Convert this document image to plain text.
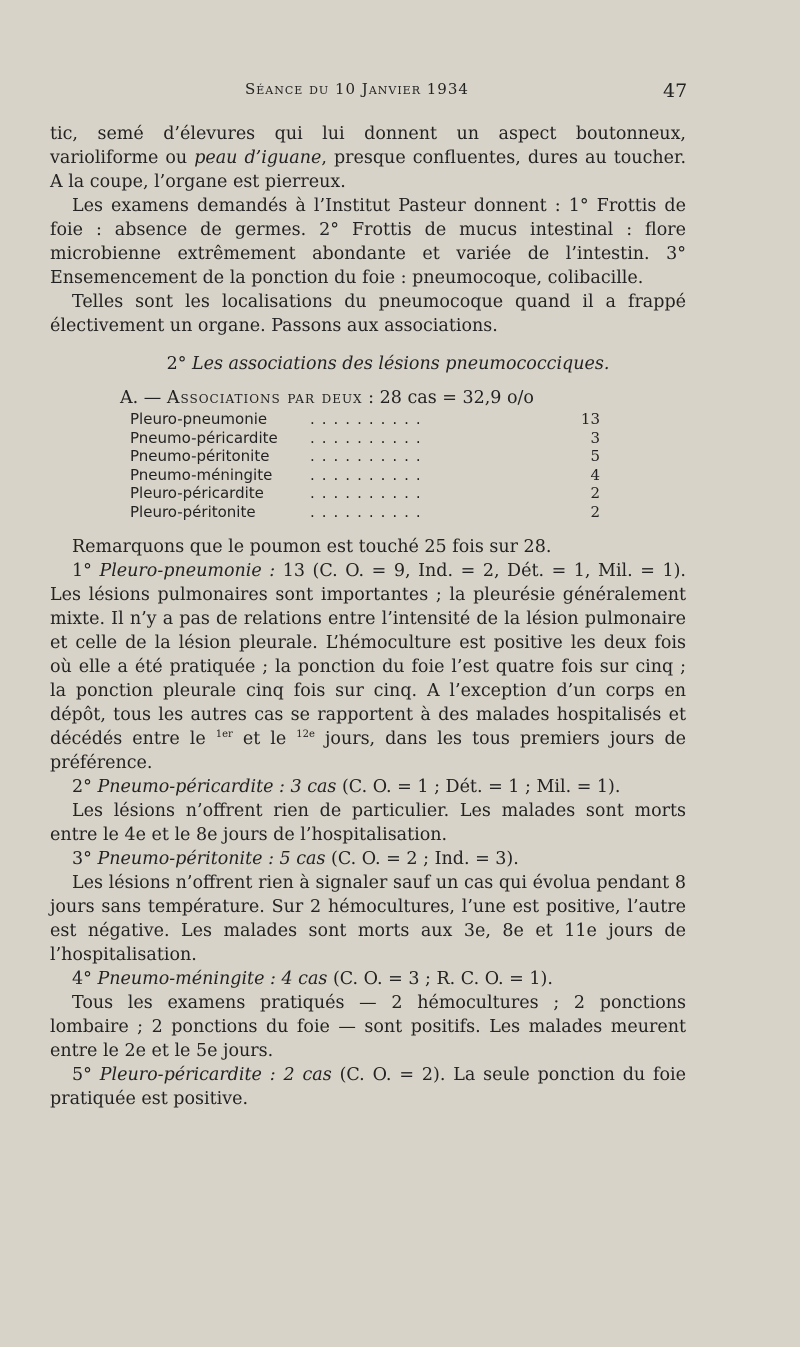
Séance du 10 Janvier 1934	47

tic, semé d’élevures qui lui donnent un aspect boutonneux, varioliforme ou peau d’iguane, presque confluentes, dures au toucher. A la coupe, l’organe est pierreux.

Les examens demandés à l’Institut Pasteur donnent : 1° Frottis de foie : absence de germes. 2° Frottis de mucus intestinal : flore microbienne extrêmement abondante et variée de l’intestin. 3° Ensemencement de la ponction du foie : pneumocoque, colibacille.

Telles sont les localisations du pneumocoque quand il a frappé électivement un organe. Passons aux associations.

2° Les associations des lésions pneumococciques.

A. — Associations par deux : 28 cas = 32,9 o/o

Pleuro-pneumonie	..........	13
Pneumo-péricardite	..........	3
Pneumo-péritonite	..........	5
Pneumo-méningite	..........	4
Pleuro-péricardite	..........	2
Pleuro-péritonite	..........	2

Remarquons que le poumon est touché 25 fois sur 28.

1° Pleuro-pneumonie : 13 (C. O. = 9, Ind. = 2, Dét. = 1, Mil. = 1). Les lésions pulmonaires sont importantes ; la pleurésie généralement mixte. Il n’y a pas de relations entre l’intensité de la lésion pulmonaire et celle de la lésion pleurale. L’hémoculture est positive les deux fois où elle a été pratiquée ; la ponction du foie l’est quatre fois sur cinq ; la ponction pleurale cinq fois sur cinq. A l’exception d’un corps en dépôt, tous les autres cas se rapportent à des malades hospitalisés et décédés entre le $^{1er}$ et le $^{12e}$ jours, dans les tous premiers jours de préférence.

2° Pneumo-péricardite : 3 cas (C. O. = 1 ; Dét. = 1 ; Mil. = 1).

Les lésions n’offrent rien de particulier. Les malades sont morts entre le 4e et le 8e jours de l’hospitalisation.

3° Pneumo-péritonite : 5 cas (C. O. = 2 ; Ind. = 3).

Les lésions n’offrent rien à signaler sauf un cas qui évolua pendant 8 jours sans température. Sur 2 hémocultures, l’une est positive, l’autre est négative. Les malades sont morts aux 3e, 8e et 11e jours de l’hospitalisation.

4° Pneumo-méningite : 4 cas (C. O. = 3 ; R. C. O. = 1).

Tous les examens pratiqués — 2 hémocultures ; 2 ponctions lombaire ; 2 ponctions du foie — sont positifs. Les malades meurent entre le 2e et le 5e jours.

5° Pleuro-péricardite : 2 cas (C. O. = 2). La seule ponction du foie pratiquée est positive.
